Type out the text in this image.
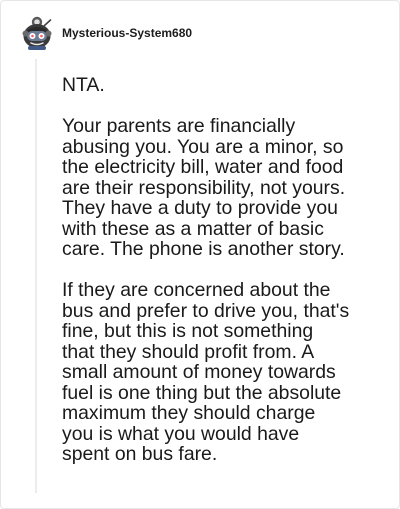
Mysterious-System680

NTA.

Your parents are financially
abusing you. You are a minor, so
the electricity bill, water and food
are their responsibility, not yours.
They have a duty to provide you
with these as a matter of basic
care. The phone is another story.

If they are concerned about the
bus and prefer to drive you, that's
fine, but this is not something
that they should profit from. A
small amount of money towards
fuel is one thing but the absolute
maximum they should charge
you is what you would have
spent on bus fare.
